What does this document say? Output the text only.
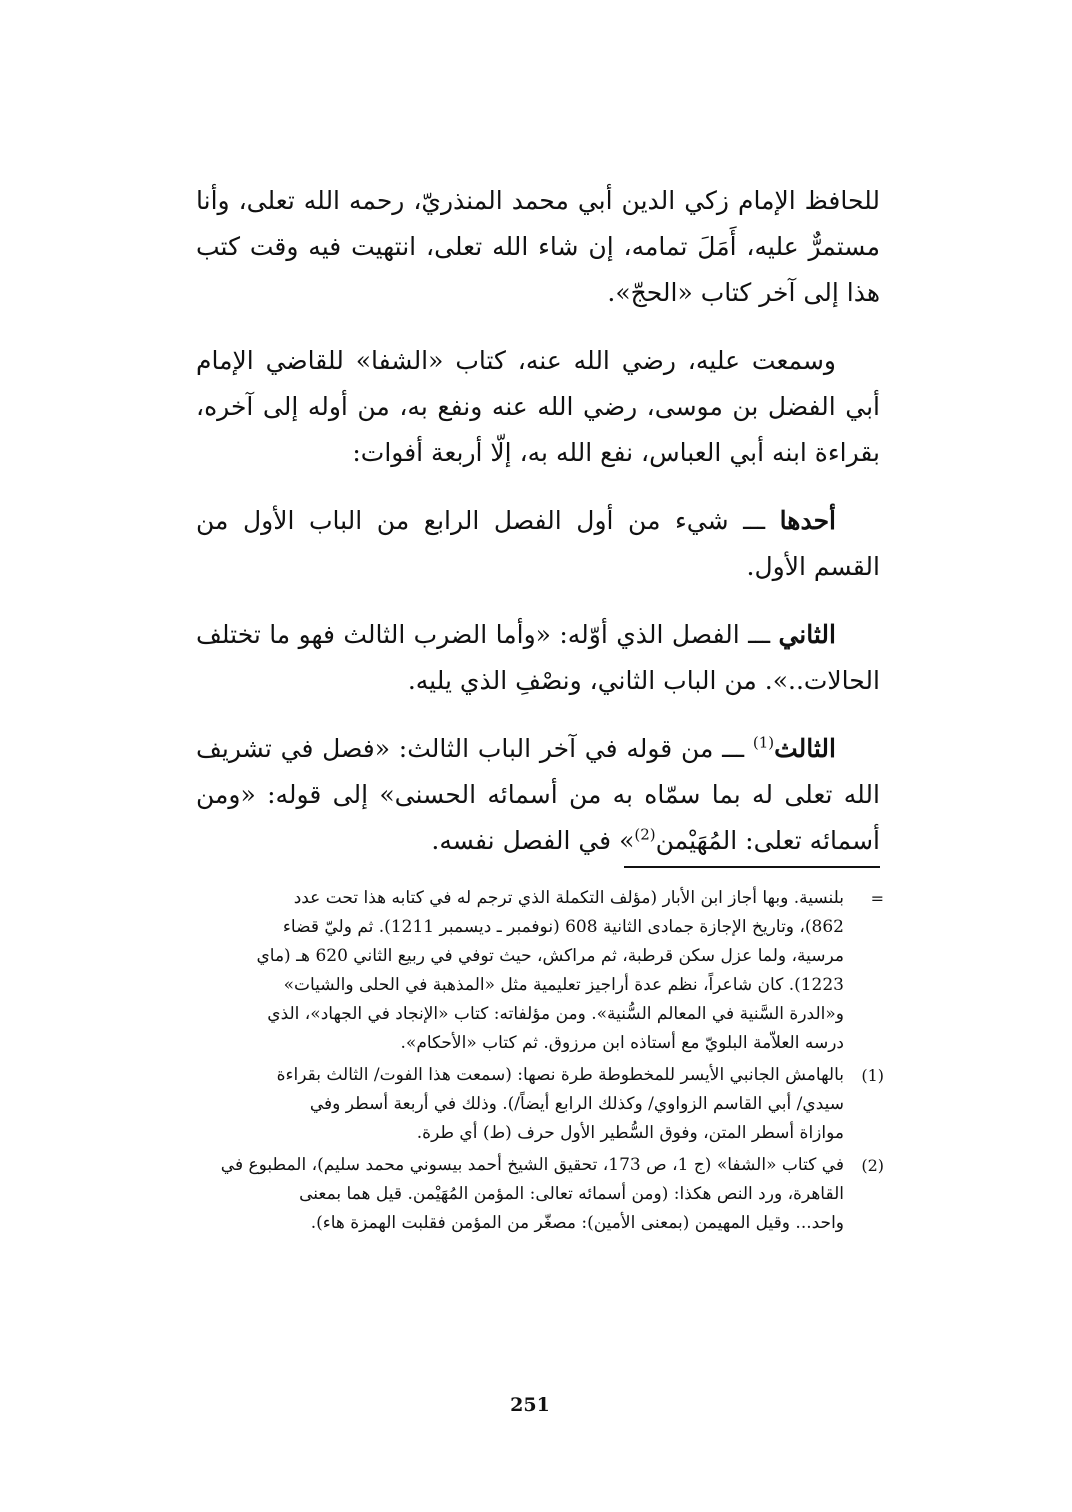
للحافظ الإمام زكي الدين أبي محمد المنذريّ، رحمه الله تعلى، وأنا مستمرٌّ عليه، أَمَلَ تمامه، إن شاء الله تعلى، انتهيت فيه وقت كتب هذا إلى آخر كتاب «الحجّ».

وسمعت عليه، رضي الله عنه، كتاب «الشفا» للقاضي الإمام أبي الفضل بن موسى، رضي الله عنه ونفع به، من أوله إلى آخره، بقراءة ابنه أبي العباس، نفع الله به، إلّا أربعة أفوات:

أحدها ـــ شيء من أول الفصل الرابع من الباب الأول من القسم الأول.

الثاني ـــ الفصل الذي أوّله: «وأما الضرب الثالث فهو ما تختلف الحالات..». من الباب الثاني، ونصْفِ الذي يليه.

الثالث$^{(1)}$ ـــ من قوله في آخر الباب الثالث: «فصل في تشريف الله تعلى له بما سمّاه به من أسمائه الحسنى» إلى قوله: «ومن أسمائه تعلى: المُهَيْمن$^{(2)}$» في الفصل نفسه.

=
بلنسية. وبها أجاز ابن الأبار (مؤلف التكملة الذي ترجم له في كتابه هذا تحت عدد
862)، وتاريخ الإجازة جمادى الثانية 608 (نوفمبر ـ ديسمبر 1211). ثم وليّ قضاء
مرسية، ولما عزل سكن قرطبة، ثم مراكش، حيث توفي في ربيع الثاني 620 هـ (ماي
1223). كان شاعراً، نظم عدة أراجيز تعليمية مثل «المذهبة في الحلى والشيات»
و«الدرة السَّنية في المعالم السُّنية». ومن مؤلفاته: كتاب «الإنجاد في الجهاد»، الذي
درسه العلاّمة البلويّ مع أستاذه ابن مرزوق. ثم كتاب «الأحكام».
(1)
بالهامش الجانبي الأيسر للمخطوطة طرة نصها: (سمعت هذا الفوت/ الثالث بقراءة
سيدي/ أبي القاسم الزواوي/ وكذلك الرابع أيضاً/). وذلك في أربعة أسطر وفي
موازاة أسطر المتن، وفوق السُّطير الأول حرف (ط) أي طرة.
(2)
في كتاب «الشفا» (ج 1، ص 173، تحقيق الشيخ أحمد بيسوني محمد سليم)، المطبوع في
القاهرة، ورد النص هكذا: (ومن أسمائه تعالى: المؤمن المُهَيْمن. قيل هما بمعنى
واحد... وقيل المهيمن (بمعنى الأمين): مصغّر من المؤمن فقلبت الهمزة هاء).
251
